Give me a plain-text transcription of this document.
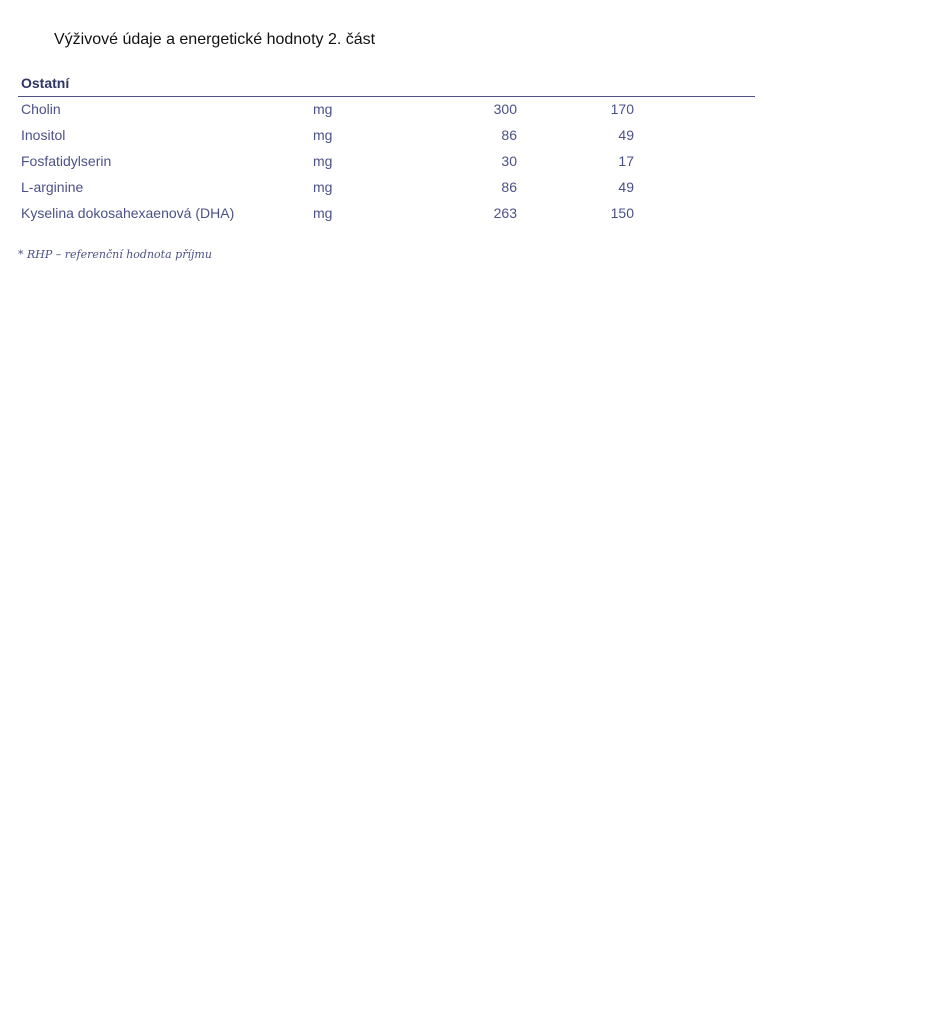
Výživové údaje a energetické hodnoty 2. část
Ostatní
Cholin	mg	300	170
Inositol	mg	86	49
Fosfatidylserin	mg	30	17
L-arginine	mg	86	49
Kyselina dokosahexaenová (DHA)	mg	263	150
* RHP – referenční hodnota příjmu
